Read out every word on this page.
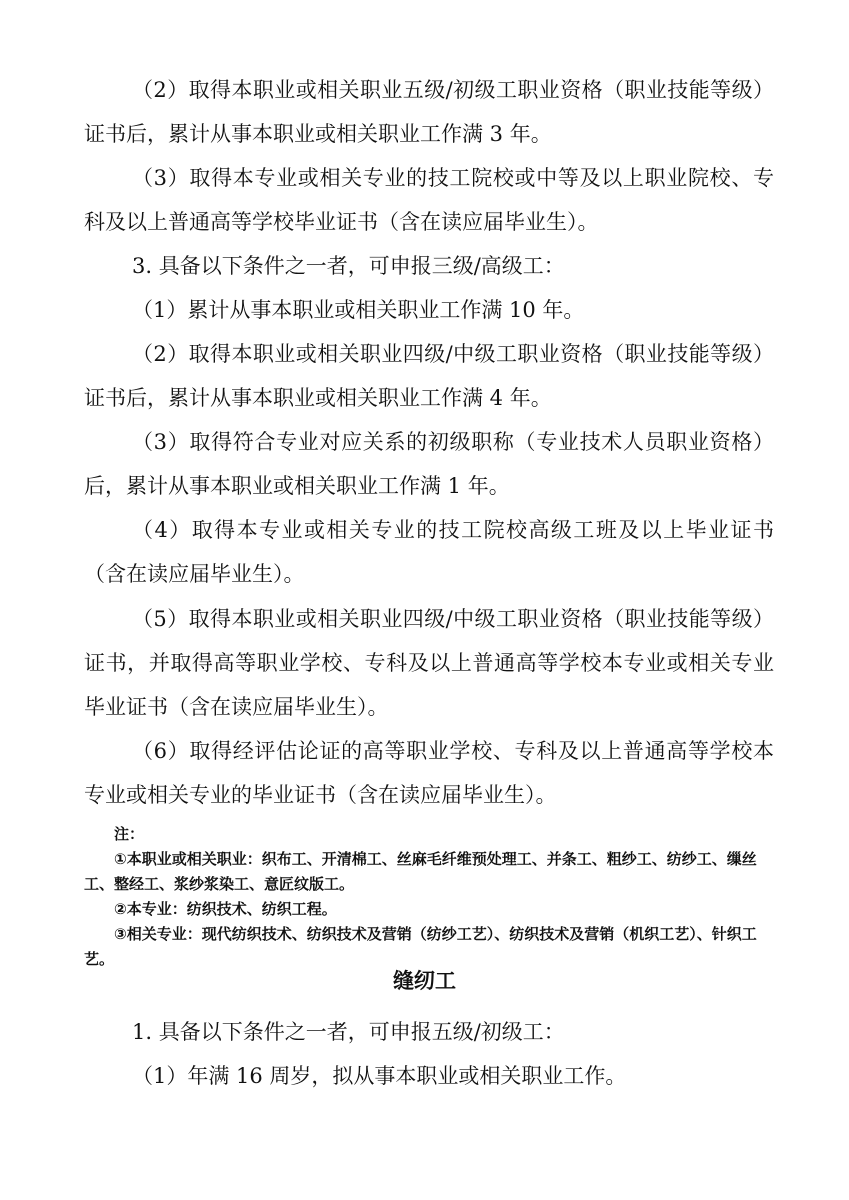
（2）取得本职业或相关职业五级/初级工职业资格（职业技能等级）证书后，累计从事本职业或相关职业工作满 3 年。

（3）取得本专业或相关专业的技工院校或中等及以上职业院校、专科及以上普通高等学校毕业证书（含在读应届毕业生）。

3. 具备以下条件之一者，可申报三级/高级工：

（1）累计从事本职业或相关职业工作满 10 年。

（2）取得本职业或相关职业四级/中级工职业资格（职业技能等级）证书后，累计从事本职业或相关职业工作满 4 年。

（3）取得符合专业对应关系的初级职称（专业技术人员职业资格）后，累计从事本职业或相关职业工作满 1 年。

（4）取得本专业或相关专业的技工院校高级工班及以上毕业证书（含在读应届毕业生）。

（5）取得本职业或相关职业四级/中级工职业资格（职业技能等级）证书，并取得高等职业学校、专科及以上普通高等学校本专业或相关专业毕业证书（含在读应届毕业生）。

（6）取得经评估论证的高等职业学校、专科及以上普通高等学校本专业或相关专业的毕业证书（含在读应届毕业生）。

注：
①本职业或相关职业：织布工、开清棉工、丝麻毛纤维预处理工、并条工、粗纱工、纺纱工、缫丝工、整经工、浆纱浆染工、意匠纹版工。
②本专业：纺织技术、纺织工程。
③相关专业：现代纺织技术、纺织技术及营销（纺纱工艺）、纺织技术及营销（机织工艺）、针织工艺。
缝纫工

1. 具备以下条件之一者，可申报五级/初级工：

（1）年满 16 周岁，拟从事本职业或相关职业工作。
